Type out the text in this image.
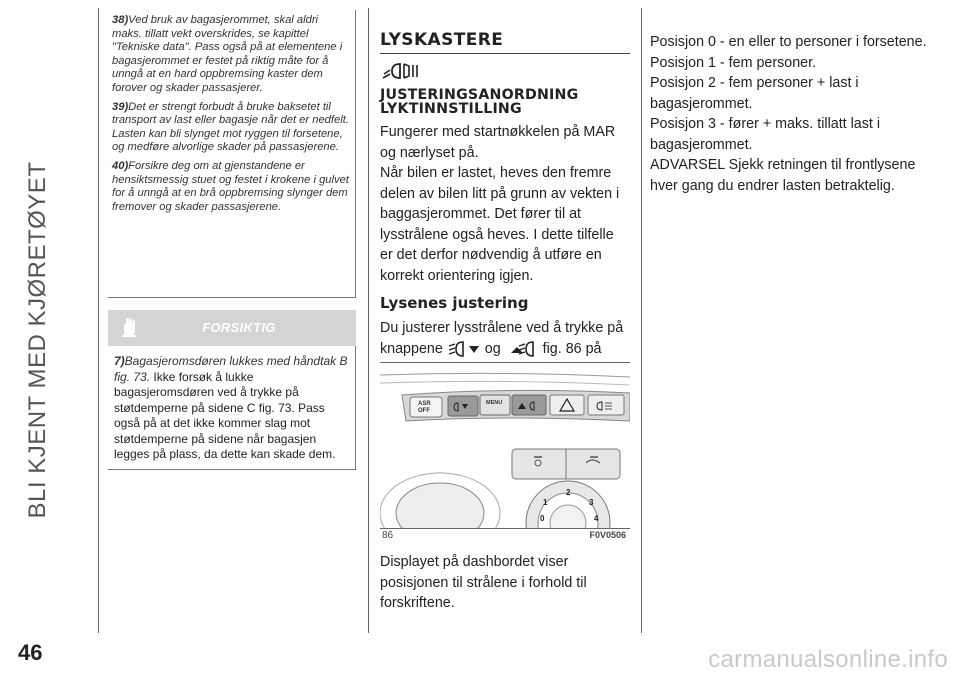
BLI KJENT MED KJØRETØYET

38)Ved bruk av bagasjerommet, skal aldri maks. tillatt vekt overskrides, se kapittel "Tekniske data". Pass også på at elementene i bagasjerommet er festet på riktig måte for å unngå at en hard oppbremsing kaster dem forover og skader passasjerer.

39)Det er strengt forbudt å bruke baksetet til transport av last eller bagasje når det er nedfelt. Lasten kan bli slynget mot ryggen til forsetene, og medføre alvorlige skader på passasjerene.

40)Forsikre deg om at gjenstandene er hensiktsmessig stuet og festet i krokene i gulvet for å unngå at en brå oppbremsing slynger dem fremover og skader passasjerene.

FORSIKTIG
7)Bagasjeromsdøren lukkes med håndtak B fig. 73. Ikke forsøk å lukke bagasjeromsdøren ved å trykke på støtdemperne på sidene C fig. 73. Pass også på at det ikke kommer slag mot støtdemperne på sidene når bagasjen legges på plass, da dette kan skade dem.
LYSKASTERE
JUSTERINGSANORDNING LYKTINNSTILLING

Fungerer med startnøkkelen på MAR og nærlyset på.

Når bilen er lastet, heves den fremre delen av bilen litt på grunn av vekten i baggasjerommet. Det fører til at lysstrålene også heves. I dette tilfelle er det derfor nødvendig å utføre en korrekt orientering igjen.

Lysenes justering

Du justerer lysstrålene ved å trykke på knappene	og	fig. 86 på

ASR
OFF
MENU
0
1
2
3
4
86	F0V0506
Displayet på dashbordet viser posisjonen til strålene i forhold til forskriftene.

Posisjon 0 - en eller to personer i forsetene.

Posisjon 1 - fem personer.

Posisjon 2 - fem personer + last i bagasjerommet.

Posisjon 3 - fører + maks. tillatt last i bagasjerommet.

ADVARSEL Sjekk retningen til frontlysene hver gang du endrer lasten betraktelig.

46	carmanualsonline.info
